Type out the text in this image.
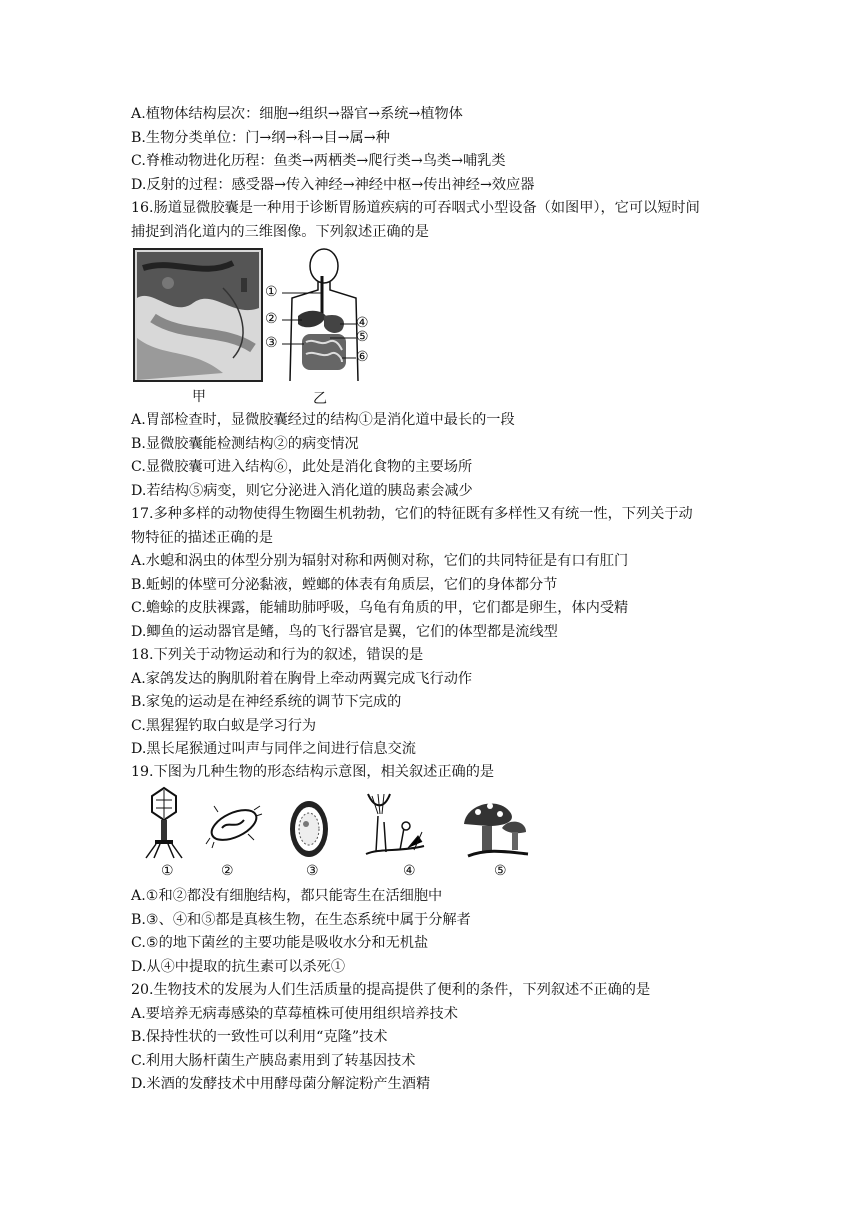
A.植物体结构层次：细胞→组织→器官→系统→植物体
B.生物分类单位：门→纲→科→目→属→种
C.脊椎动物进化历程：鱼类→两栖类→爬行类→鸟类→哺乳类
D.反射的过程：感受器→传入神经→神经中枢→传出神经→效应器
16.肠道显微胶囊是一种用于诊断胃肠道疾病的可吞咽式小型设备（如图甲），它可以短时间
捕捉到消化道内的三维图像。下列叙述正确的是
甲
①
②
③
④
⑤
⑥
乙
A.胃部检查时，显微胶囊经过的结构①是消化道中最长的一段
B.显微胶囊能检测结构②的病变情况
C.显微胶囊可进入结构⑥，此处是消化食物的主要场所
D.若结构⑤病变，则它分泌进入消化道的胰岛素会减少
17.多种多样的动物使得生物圈生机勃勃，它们的特征既有多样性又有统一性，下列关于动
物特征的描述正确的是
A.水螅和涡虫的体型分别为辐射对称和两侧对称，它们的共同特征是有口有肛门
B.蚯蚓的体壁可分泌黏液，螳螂的体表有角质层，它们的身体都分节
C.蟾蜍的皮肤裸露，能辅助肺呼吸，乌龟有角质的甲，它们都是卵生，体内受精
D.鲫鱼的运动器官是鳍，鸟的飞行器官是翼，它们的体型都是流线型
18.下列关于动物运动和行为的叙述，错误的是
A.家鸽发达的胸肌附着在胸骨上牵动两翼完成飞行动作
B.家兔的运动是在神经系统的调节下完成的
C.黑猩猩钓取白蚁是学习行为
D.黑长尾猴通过叫声与同伴之间进行信息交流
19.下图为几种生物的形态结构示意图，相关叙述正确的是
①	②	③	④	⑤
A.①和②都没有细胞结构，都只能寄生在活细胞中
B.③、④和⑤都是真核生物，在生态系统中属于分解者
C.⑤的地下菌丝的主要功能是吸收水分和无机盐
D.从④中提取的抗生素可以杀死①
20.生物技术的发展为人们生活质量的提高提供了便利的条件，下列叙述不正确的是
A.要培养无病毒感染的草莓植株可使用组织培养技术
B.保持性状的一致性可以利用“克隆”技术
C.利用大肠杆菌生产胰岛素用到了转基因技术
D.米酒的发酵技术中用酵母菌分解淀粉产生酒精
